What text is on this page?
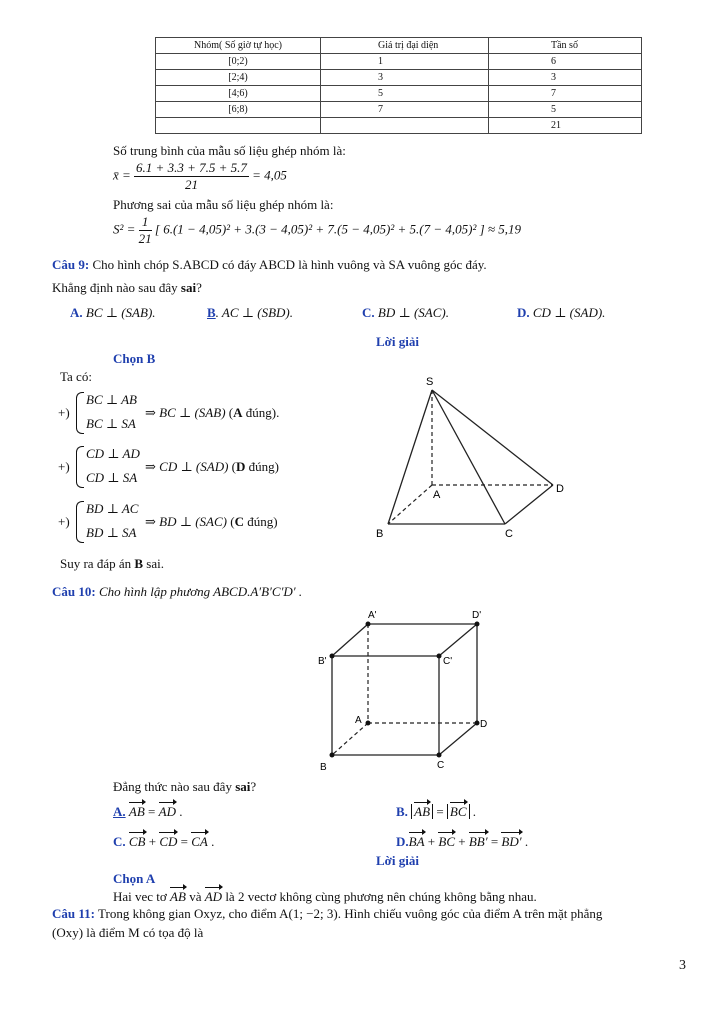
Nhóm( Số giờ tự học)	Giá trị đại diện	Tần số
[0;2)	1	6
[2;4)	3	3
[4;6)	5	7
[6;8)	7	5
		21
Số trung bình của mẫu số liệu ghép nhóm là:
x̄ = $\frac{6.1 + 3.3 + 7.5 + 5.7}{21} = 4,05$
Phương sai của mẫu số liệu ghép nhóm là:
$S^2 = \frac{1}{21}$ [ 6.(1 − 4,05)² + 3.(3 − 4,05)² + 7.(5 − 4,05)² + 5.(7 − 4,05)² ] ≈ 5,19
Câu 9: Cho hình chóp S.ABCD có đáy ABCD là hình vuông và SA vuông góc đáy.
Khẳng định nào sau đây sai?
A. BC ⊥ (SAB).	B. AC ⊥ (SBD).	C. BD ⊥ (SAC).	D. CD ⊥ (SAD).
Lời giải
Chọn B
Ta có:
+)
BC ⊥ AB
BC ⊥ SA
⇒ BC ⊥ (SAB) (A đúng).
+)
CD ⊥ AD
CD ⊥ SA
⇒ CD ⊥ (SAD) (D đúng)
+)
BD ⊥ AC
BD ⊥ SA
⇒ BD ⊥ (SAC) (C đúng)
Suy ra đáp án B sai.
S
A
B	C
D
Câu 10: Cho hình lập phương ABCD.A′B′C′D′ .
A'	D'
B'	C'
A	D
B	C
Đẳng thức nào sau đây sai?
A. AB = AD .	B. AB = BC .
C. CB + CD = CA .	D.BA + BC + BB′ = BD′ .
Lời giải
Chọn A
Hai vec tơ AB và AD là 2 vectơ không cùng phương nên chúng không bằng nhau.
Câu 11: Trong không gian Oxyz, cho điểm A(1; −2; 3). Hình chiếu vuông góc của điểm A trên mặt phẳng
(Oxy) là điểm M có tọa độ là
3
